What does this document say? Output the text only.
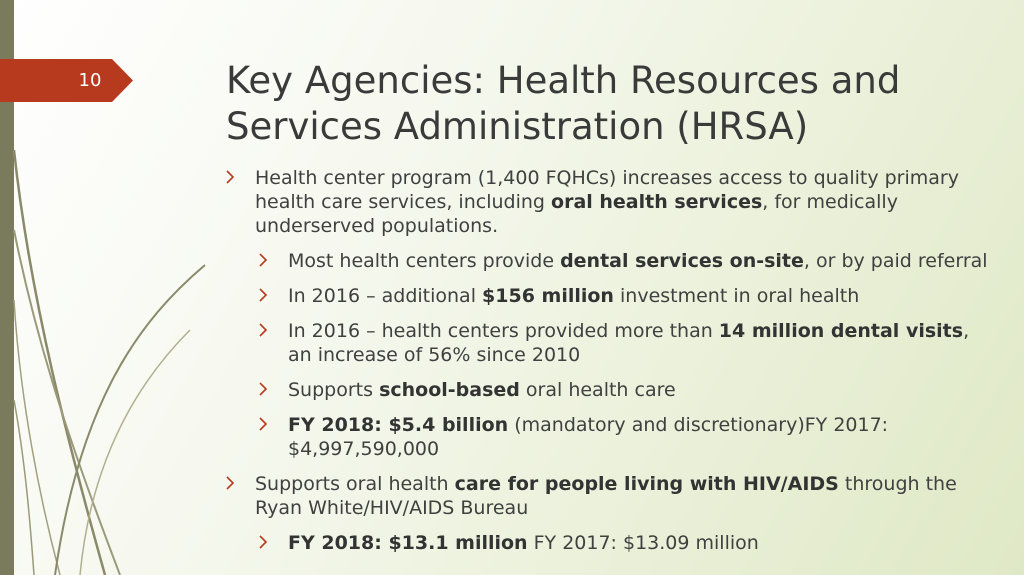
10	Key Agencies: Health Resources and
Services Administration (HRSA)
Health center program (1,400 FQHCs) increases access to quality primary health care services, including oral health services, for medically underserved populations.
Most health centers provide dental services on-site, or by paid referral
In 2016 – additional $156 million investment in oral health
In 2016 – health centers provided more than 14 million dental visits, an increase of 56% since 2010
Supports school-based oral health care
FY 2018: $5.4 billion (mandatory and discretionary)FY 2017: $4,997,590,000
Supports oral health care for people living with HIV/AIDS through the Ryan White/HIV/AIDS Bureau
FY 2018: $13.1 million FY 2017: $13.09 million
